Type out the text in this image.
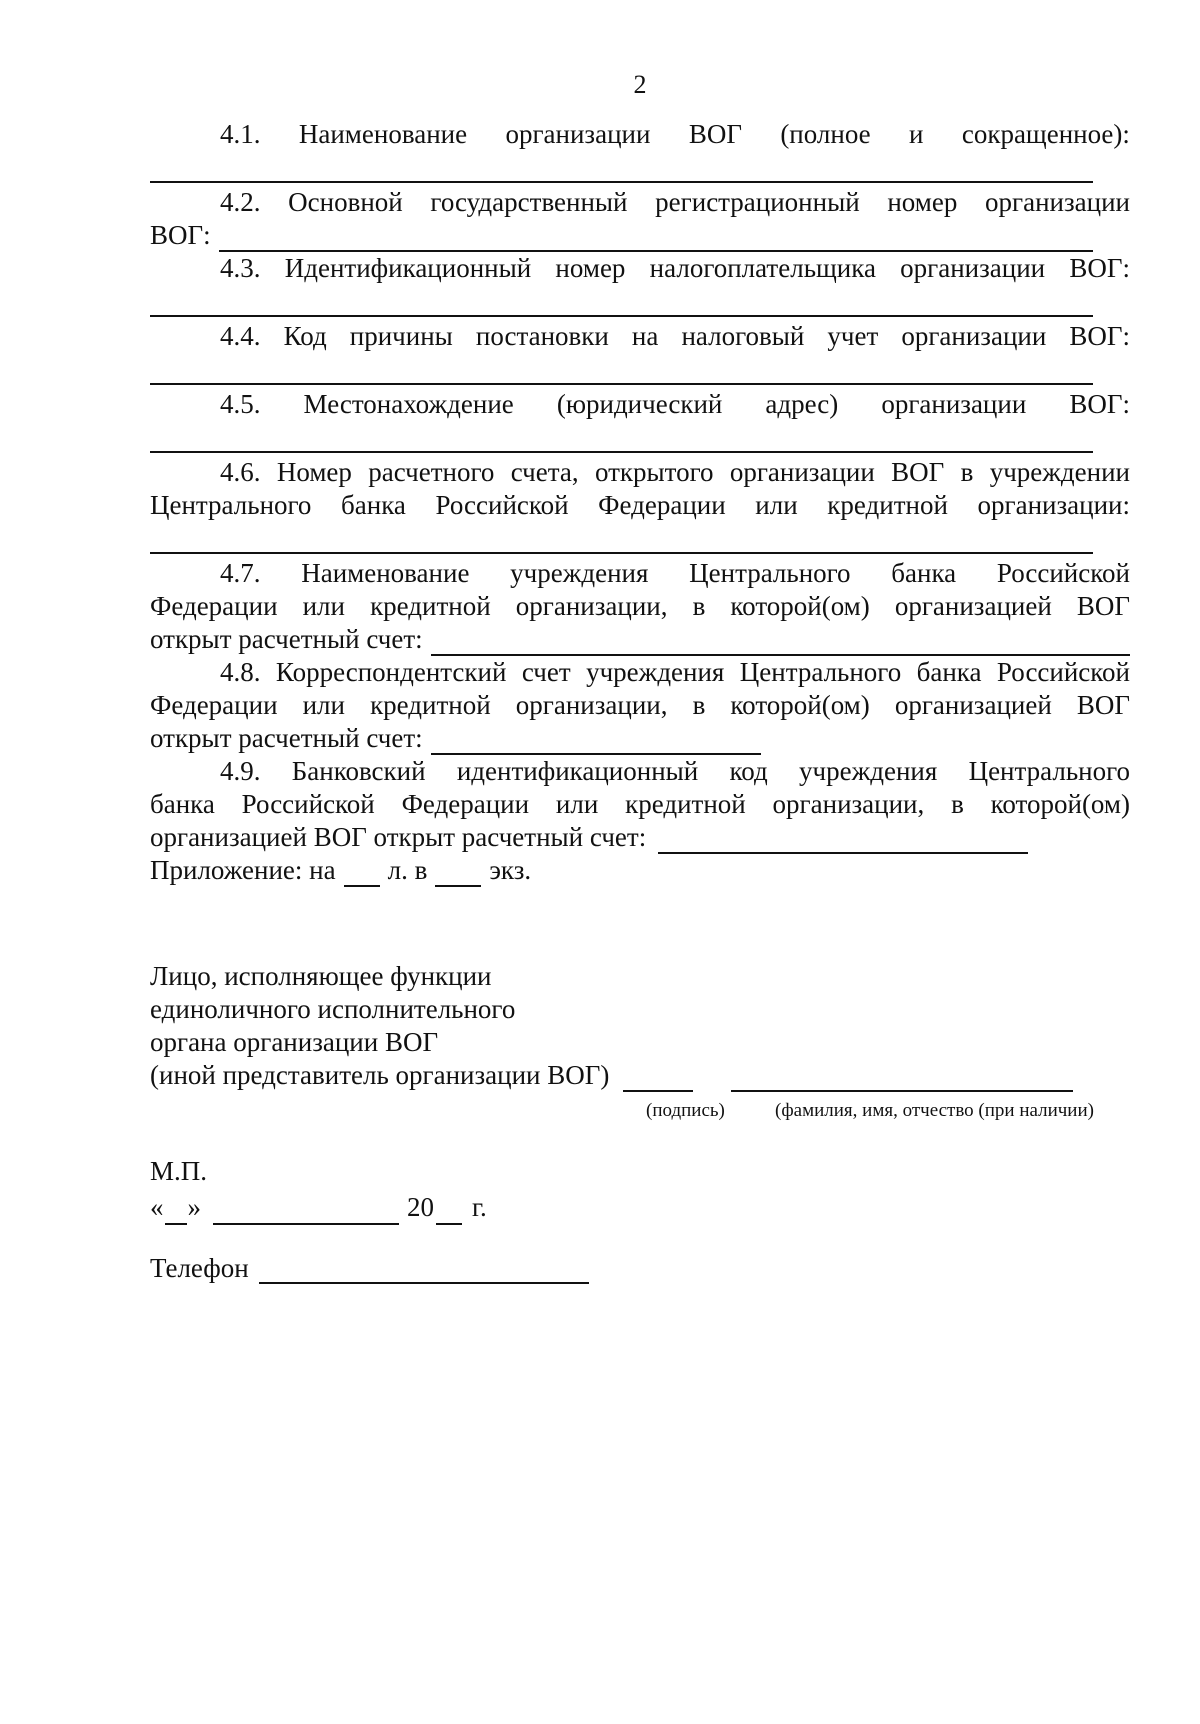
2
4.1. Наименование организации ВОГ (полное и сокращенное):
4.2. Основной государственный регистрационный номер организации
ВОГ:
4.3. Идентификационный номер налогоплательщика организации ВОГ:
4.4. Код причины постановки на налоговый учет организации ВОГ:
4.5. Местонахождение (юридический адрес) организации ВОГ:

4.6. Номер расчетного счета, открытого организации ВОГ в учреждении Центрального банка Российской Федерации или кредитной организации:

4.7. Наименование учреждения Центрального банка Российской
Федерации или кредитной организации, в которой(ом) организацией ВОГ
открыт расчетный счет:
4.8. Корреспондентский счет учреждения Центрального банка Российской
Федерации или кредитной организации, в которой(ом) организацией ВОГ
открыт расчетный счет:
4.9. Банковский идентификационный код учреждения Центрального
банка Российской Федерации или кредитной организации, в которой(ом)
организацией ВОГ открыт расчетный счет:
Приложение: на л. в экз.
Лицо, исполняющее функции
единоличного исполнительного
органа организации ВОГ
(иной представитель организации ВОГ)
(подпись)	(фамилия, имя, отчество (при наличии)
М.П.
« »	20 г.
Телефон
